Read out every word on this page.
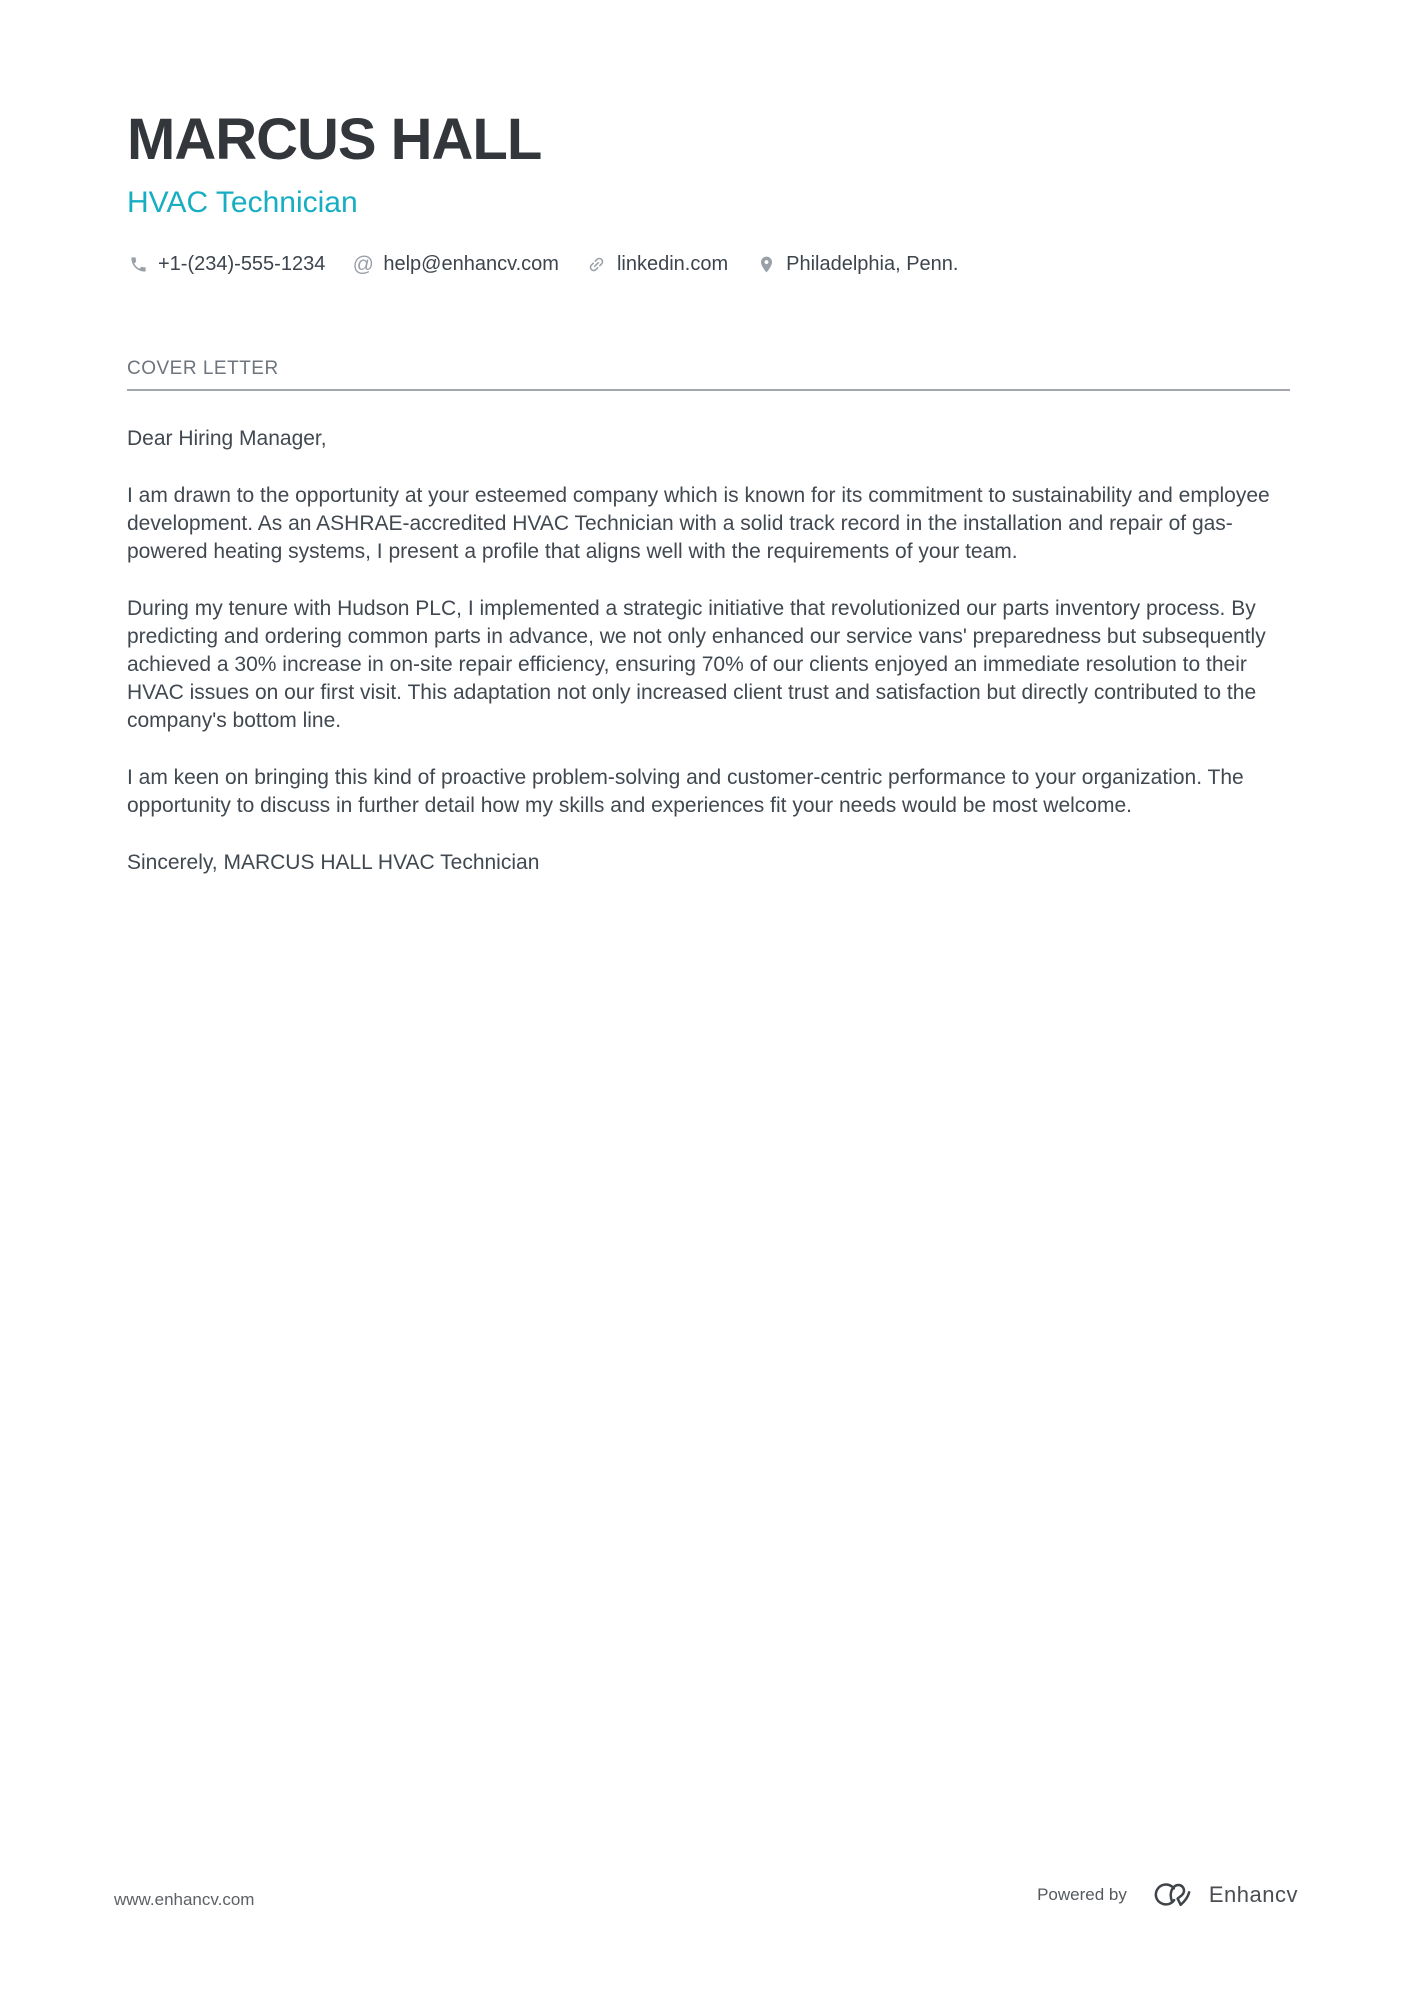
MARCUS HALL
HVAC Technician
+1-(234)-555-1234 @ help@enhancv.com	linkedin.com	Philadelphia, Penn.
COVER LETTER

Dear Hiring Manager,

I am drawn to the opportunity at your esteemed company which is known for its commitment to sustainability and employee development. As an ASHRAE-accredited HVAC Technician with a solid track record in the installation and repair of gas-powered heating systems, I present a profile that aligns well with the requirements of your team.

During my tenure with Hudson PLC, I implemented a strategic initiative that revolutionized our parts inventory process. By predicting and ordering common parts in advance, we not only enhanced our service vans' preparedness but subsequently achieved a 30% increase in on-site repair efficiency, ensuring 70% of our clients enjoyed an immediate resolution to their HVAC issues on our first visit. This adaptation not only increased client trust and satisfaction but directly contributed to the company's bottom line.

I am keen on bringing this kind of proactive problem-solving and customer-centric performance to your organization. The opportunity to discuss in further detail how my skills and experiences fit your needs would be most welcome.

Sincerely, MARCUS HALL HVAC Technician

www.enhancv.com	Powered by	Enhancv
